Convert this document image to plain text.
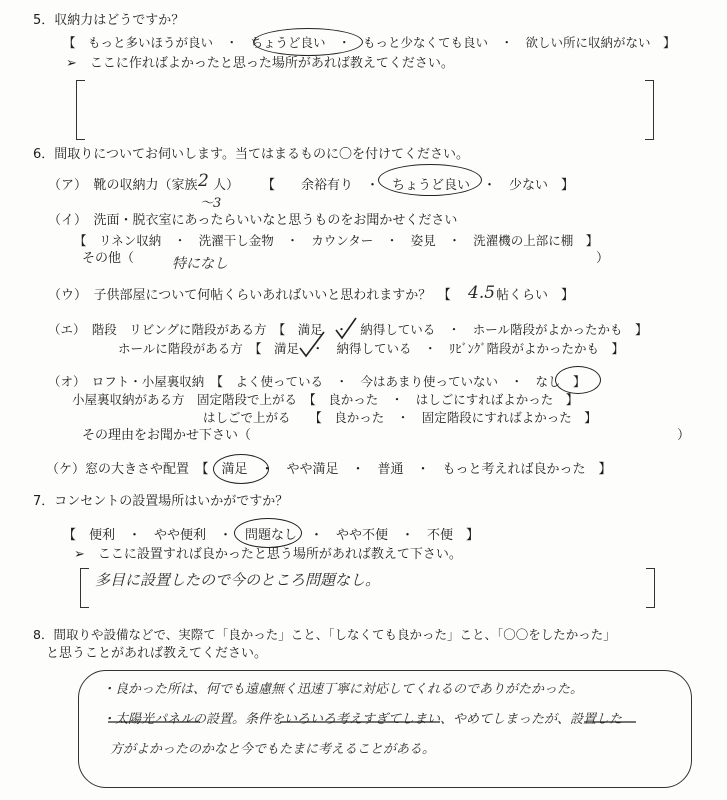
5．収納力はどうですか？
【　もっと多いほうが良い　・　ちょうど良い　・　もっと少なくても良い　・　欲しい所に収納がない　】
➢　ここに作ればよかったと思った場所があれば教えてください。
6．間取りについてお伺いします。当てはまるものに〇を付けてください。
（ア）　靴の収納力（家族 2 人）
～3
【　　余裕有り　・　ちょうど良い　・　少ない　】
（イ）　洗面・脱衣室にあったらいいなと思うものをお聞かせください
【　リネン収納　・　洗濯干し金物　・　カウンター　・　姿見　・　洗濯機の上部に棚　】
その他（	特になし	）
（ウ）　子供部屋について何帖くらいあればいいと思われますか？　【 4.5 帖くらい　】
（エ）　階段　リビングに階段がある方　【　満足　・　納得している　・　ホール階段がよかったかも　】
ホールに階段がある方　【　満足　・　納得している　・　ﾘﾋﾞﾝｸﾞ階段がよかったかも　】
（オ）　ロフト・小屋裏収納　【　よく使っている　・　今はあまり使っていない　・　なし　】
小屋裏収納がある方　固定階段で上がる　【　良かった　・　はしごにすればよかった　】
はしごで上がる　　【　良かった　・　固定階段にすればよかった　】
その理由をお聞かせ下さい（	）
（ケ）窓の大きさや配置　【　満足　・　やや満足　・　普通　・　もっと考えれば良かった　】
7．コンセントの設置場所はいかがですか？
【　便利　・　やや便利　・　問題なし　・　やや不便　・　不便　】
➢　ここに設置すれば良かったと思う場所があれば教えて下さい。
多目に設置したので今のところ問題なし。
8．間取りや設備などで、実際て「良かった」こと、「しなくても良かった」こと、「〇〇をしたかった」
と思うことがあれば教えてください。
・良かった所は、何でも遠慮無く迅速丁寧に対応してくれるのでありがたかった。
・太陽光パネルの設置。条件をいろいろ考えすぎてしまい、やめてしまったが、設置した
方がよかったのかなと今でもたまに考えることがある。
